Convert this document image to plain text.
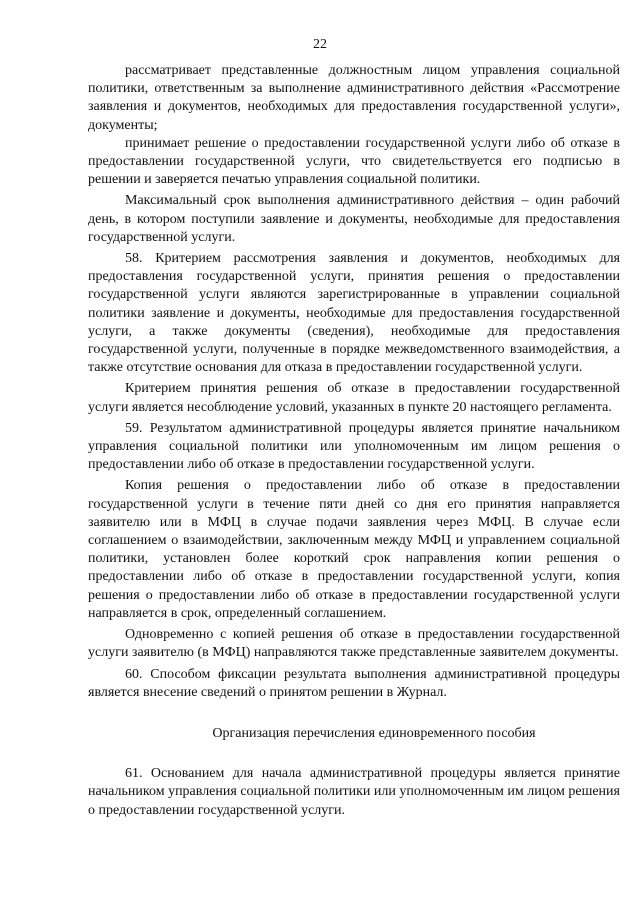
22

рассматривает представленные должностным лицом управления социальной политики, ответственным за выполнение административного действия «Рассмотрение заявления и документов, необходимых для предоставления государственной услуги», документы;

принимает решение о предоставлении государственной услуги либо об отказе в предоставлении государственной услуги, что свидетельствуется его подписью в решении и заверяется печатью управления социальной политики.

Максимальный срок выполнения административного действия – один рабочий день, в котором поступили заявление и документы, необходимые для предоставления государственной услуги.

58. Критерием рассмотрения заявления и документов, необходимых для предоставления государственной услуги, принятия решения о предоставлении государственной услуги являются зарегистрированные в управлении социальной политики заявление и документы, необходимые для предоставления государственной услуги, а также документы (сведения), необходимые для предоставления государственной услуги, полученные в порядке межведомственного взаимодействия, а также отсутствие основания для отказа в предоставлении государственной услуги.

Критерием принятия решения об отказе в предоставлении государственной услуги является несоблюдение условий, указанных в пункте 20 настоящего регламента.

59. Результатом административной процедуры является принятие начальником управления социальной политики или уполномоченным им лицом решения о предоставлении либо об отказе в предоставлении государственной услуги.

Копия решения о предоставлении либо об отказе в предоставлении государственной услуги в течение пяти дней со дня его принятия направляется заявителю или в МФЦ в случае подачи заявления через МФЦ. В случае если соглашением о взаимодействии, заключенным между МФЦ и управлением социальной политики, установлен более короткий срок направления копии решения о предоставлении либо об отказе в предоставлении государственной услуги, копия решения о предоставлении либо об отказе в предоставлении государственной услуги направляется в срок, определенный соглашением.

Одновременно с копией решения об отказе в предоставлении государственной услуги заявителю (в МФЦ) направляются также представленные заявителем документы.

60. Способом фиксации результата выполнения административной процедуры является внесение сведений о принятом решении в Журнал.

Организация перечисления единовременного пособия

61. Основанием для начала административной процедуры является принятие начальником управления социальной политики или уполномоченным им лицом решения о предоставлении государственной услуги.
